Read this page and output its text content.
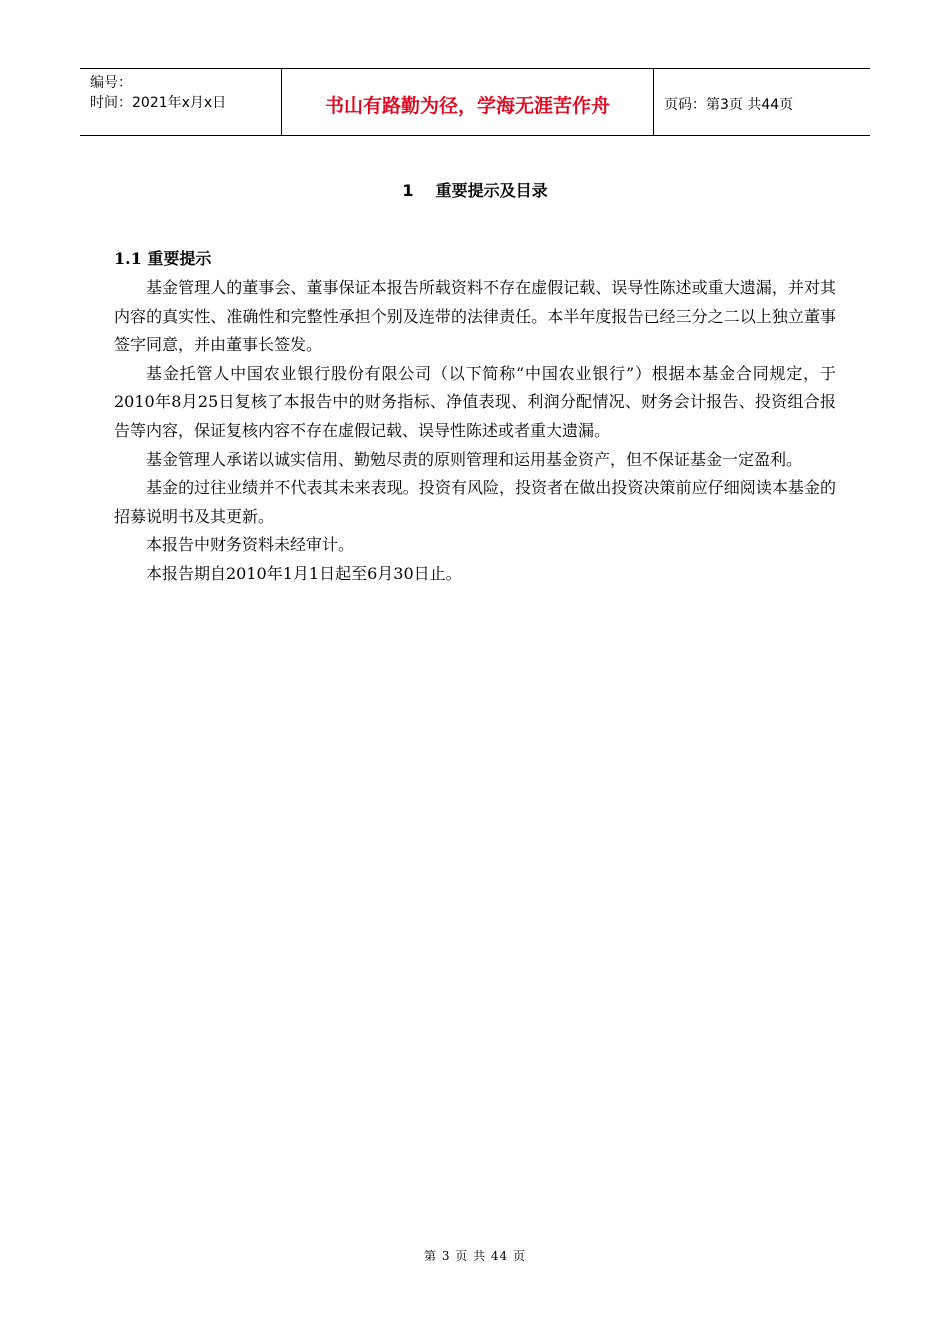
编号：
时间：2021年x月x日	书山有路勤为径，学海无涯苦作舟	页码：第3页 共44页
1 重要提示及目录
1.1 重要提示

基金管理人的董事会、董事保证本报告所载资料不存在虚假记载、误导性陈述或重大遗漏，并对其内容的真实性、准确性和完整性承担个别及连带的法律责任。本半年度报告已经三分之二以上独立董事签字同意，并由董事长签发。

基金托管人中国农业银行股份有限公司（以下简称“中国农业银行”）根据本基金合同规定，于2010年8月25日复核了本报告中的财务指标、净值表现、利润分配情况、财务会计报告、投资组合报告等内容，保证复核内容不存在虚假记载、误导性陈述或者重大遗漏。

基金管理人承诺以诚实信用、勤勉尽责的原则管理和运用基金资产，但不保证基金一定盈利。

基金的过往业绩并不代表其未来表现。投资有风险，投资者在做出投资决策前应仔细阅读本基金的招募说明书及其更新。

本报告中财务资料未经审计。

本报告期自2010年1月1日起至6月30日止。

第 3 页 共 44 页
